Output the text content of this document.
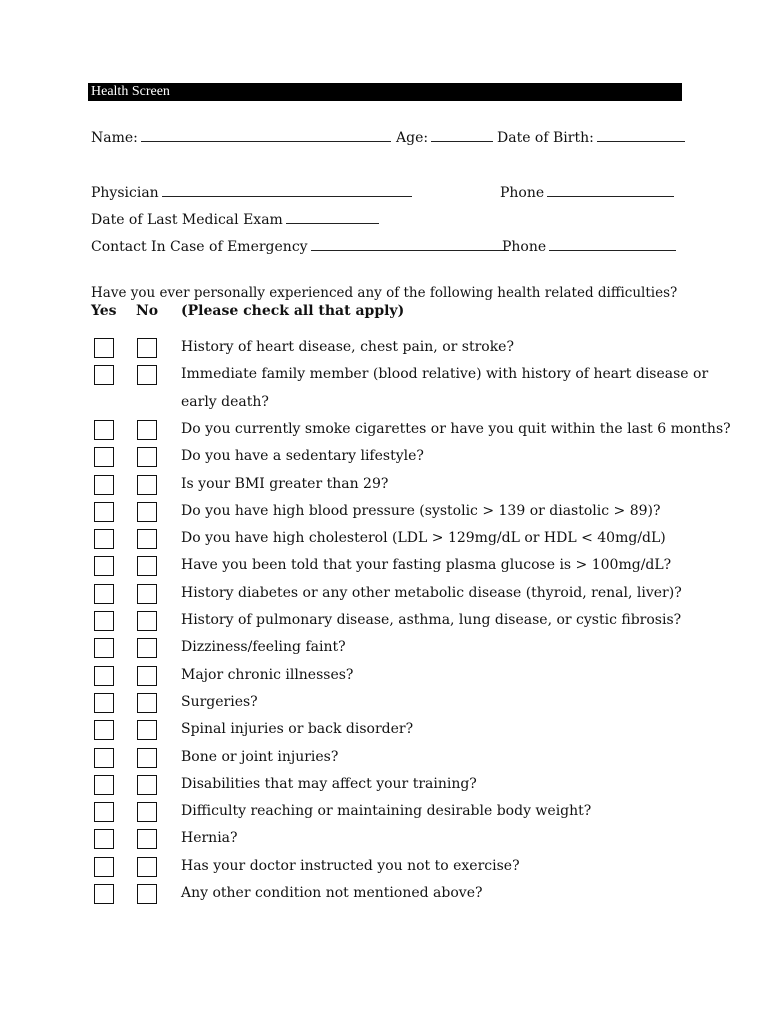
Health Screen
Name:	Age:	Date of Birth:
Physician	Phone
Date of Last Medical Exam
Contact In Case of Emergency	Phone
Have you ever personally experienced any of the following health related difficulties?
Yes No (Please check all that apply)
History of heart disease, chest pain, or stroke?
Immediate family member (blood relative) with history of heart disease or
early death?
Do you currently smoke cigarettes or have you quit within the last 6 months?
Do you have a sedentary lifestyle?
Is your BMI greater than 29?
Do you have high blood pressure (systolic > 139 or diastolic > 89)?
Do you have high cholesterol (LDL > 129mg/dL or HDL < 40mg/dL)
Have you been told that your fasting plasma glucose is > 100mg/dL?
History diabetes or any other metabolic disease (thyroid, renal, liver)?
History of pulmonary disease, asthma, lung disease, or cystic fibrosis?
Dizziness/feeling faint?
Major chronic illnesses?
Surgeries?
Spinal injuries or back disorder?
Bone or joint injuries?
Disabilities that may affect your training?
Difficulty reaching or maintaining desirable body weight?
Hernia?
Has your doctor instructed you not to exercise?
Any other condition not mentioned above?
